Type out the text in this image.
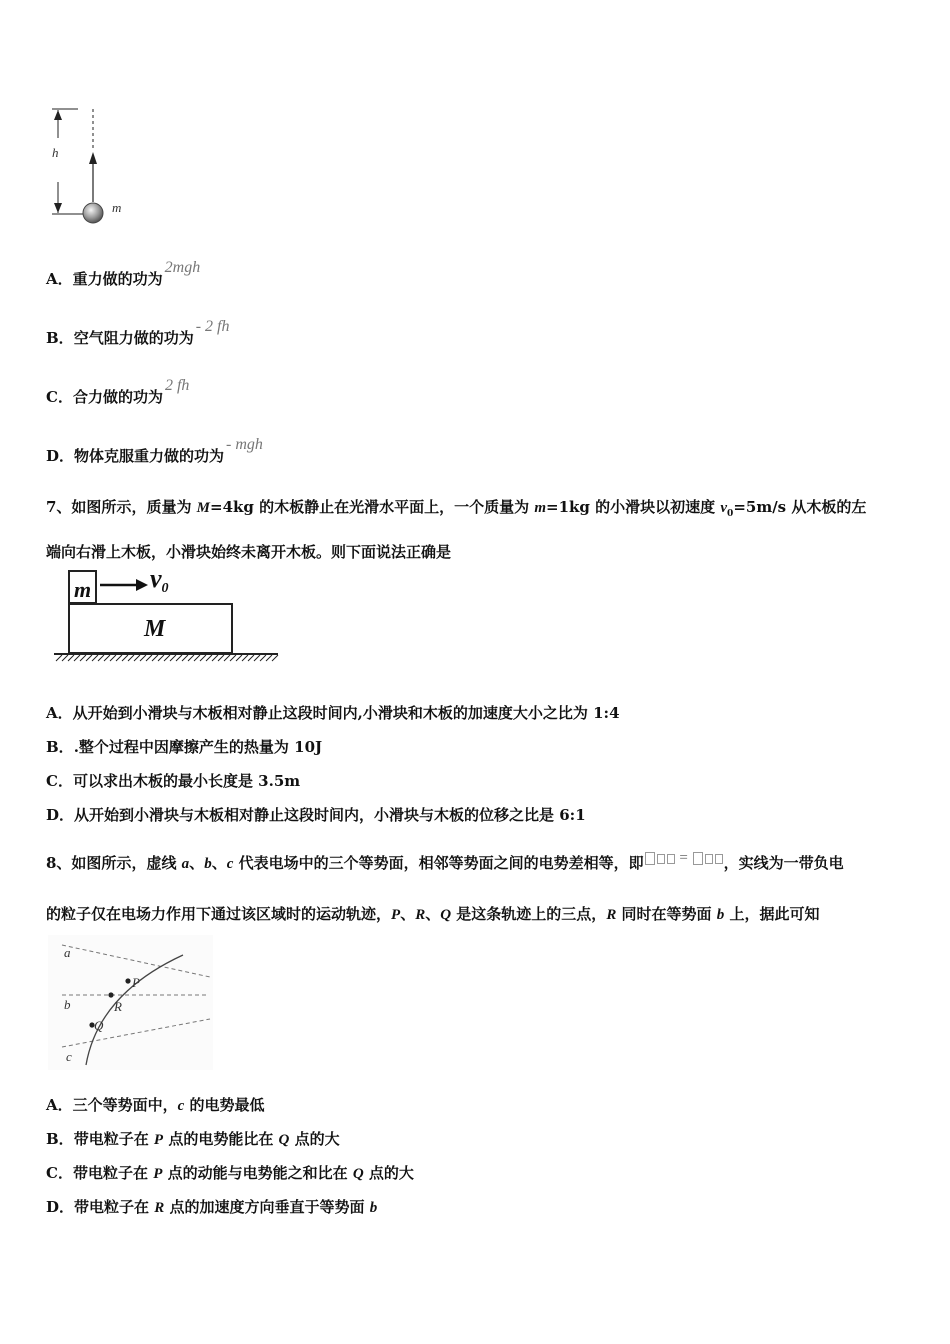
h
m
A．重力做的功为2mgh
B．空气阻力做的功为- 2 fh
C．合力做的功为2 fh
D．物体克服重力做的功为- mgh
7、如图所示，质量为 M=4kg 的木板静止在光滑水平面上，一个质量为 m=1kg 的小滑块以初速度 $v_0=5m/s$ 从木板的左
端向右滑上木板，小滑块始终未离开木板。则下面说法正确是
m v0
M
A．从开始到小滑块与木板相对静止这段时间内,小滑块和木板的加速度大小之比为 1:4
B．.整个过程中因摩擦产生的热量为 10J
C．可以求出木板的最小长度是 3.5m
D．从开始到小滑块与木板相对静止这段时间内，小滑块与木板的位移之比是 6:1
8、如图所示，虚线 a、b、c 代表电场中的三个等势面，相邻等势面之间的电势差相等，即 = ，实线为一带负电
的粒子仅在电场力作用下通过该区域时的运动轨迹，P、R、Q 是这条轨迹上的三点，R 同时在等势面 b 上，据此可知
a
b
c
P
R
Q
A．三个等势面中，c 的电势最低
B．带电粒子在 P 点的电势能比在 Q 点的大
C．带电粒子在 P 点的动能与电势能之和比在 Q 点的大
D．带电粒子在 R 点的加速度方向垂直于等势面 b
